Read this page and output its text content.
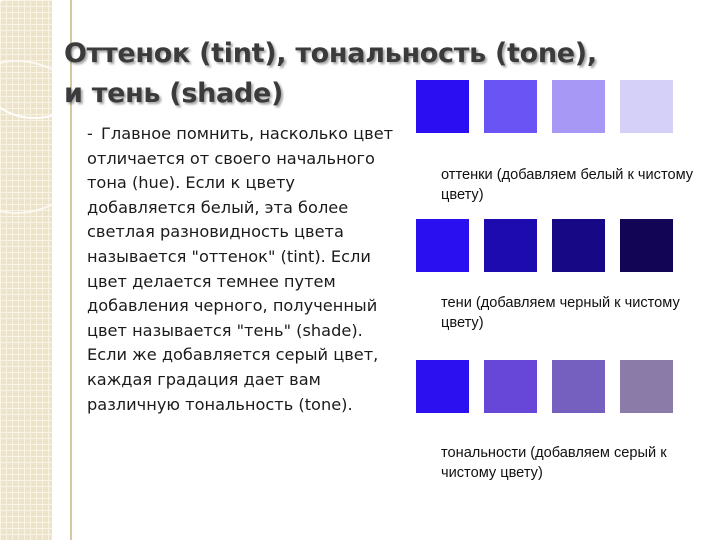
Оттенок (tint), тональность (tone), и тень (shade)
- Главное помнить, насколько цвет отличается от своего начального тона (hue). Если к цвету добавляется белый, эта более светлая разновидность цвета называется "оттенок" (tint). Если цвет делается темнее путем добавления черного, полученный цвет называется "тень" (shade). Если же добавляется серый цвет, каждая градация дает вам различную тональность (tone).

оттенки (добавляем белый к чистому цвету)

тени (добавляем черный к чистому цвету)

тональности (добавляем серый к чистому цвету)
